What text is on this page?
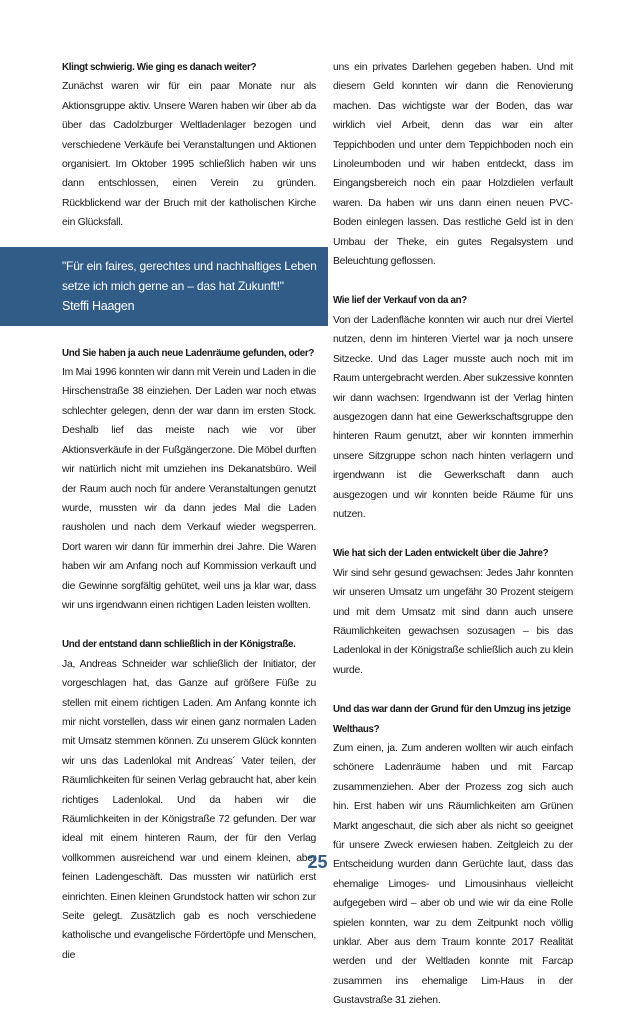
Klingt schwierig. Wie ging es danach weiter?

Zunächst waren wir für ein paar Monate nur als Aktionsgruppe aktiv. Unsere Waren haben wir über ab da über das Cadolzburger Weltladenlager bezogen und verschiedene Verkäufe bei Veranstaltungen und Aktionen organisiert. Im Oktober 1995 schließlich haben wir uns dann entschlossen, einen Verein zu gründen. Rückblickend war der Bruch mit der katholischen Kirche ein Glücksfall.

"Für ein faires, gerechtes und nachhaltiges Leben setze ich mich gerne an – das hat Zukunft!"

Steffi Haagen

Und Sie haben ja auch neue Ladenräume gefunden, oder?

Im Mai 1996 konnten wir dann mit Verein und Laden in die Hirschenstraße 38 einziehen. Der Laden war noch etwas schlechter gelegen, denn der war dann im ersten Stock. Deshalb lief das meiste nach wie vor über Aktionsverkäufe in der Fußgängerzone. Die Möbel durften wir natürlich nicht mit umziehen ins Dekanatsbüro. Weil der Raum auch noch für andere Veranstaltungen genutzt wurde, mussten wir da dann jedes Mal die Laden rausholen und nach dem Verkauf wieder wegsperren. Dort waren wir dann für immerhin drei Jahre. Die Waren haben wir am Anfang noch auf Kommission verkauft und die Gewinne sorgfältig gehütet, weil uns ja klar war, dass wir uns irgendwann einen richtigen Laden leisten wollten.

Und der entstand dann schließlich in der Königstraße.

Ja, Andreas Schneider war schließlich der Initiator, der vorgeschlagen hat, das Ganze auf größere Füße zu stellen mit einem richtigen Laden. Am Anfang konnte ich mir nicht vorstellen, dass wir einen ganz normalen Laden mit Umsatz stemmen können. Zu unserem Glück konnten wir uns das Ladenlokal mit Andreas´ Vater teilen, der Räumlichkeiten für seinen Verlag gebraucht hat, aber kein richtiges Ladenlokal. Und da haben wir die Räumlichkeiten in der Königstraße 72 gefunden. Der war ideal mit einem hinteren Raum, der für den Verlag vollkommen ausreichend war und einem kleinen, aber feinen Ladengeschäft. Das mussten wir natürlich erst einrichten. Einen kleinen Grundstock hatten wir schon zur Seite gelegt. Zusätzlich gab es noch verschiedene katholische und evangelische Fördertöpfe und Menschen, die

uns ein privates Darlehen gegeben haben. Und mit diesem Geld konnten wir dann die Renovierung machen. Das wichtigste war der Boden, das war wirklich viel Arbeit, denn das war ein alter Teppichboden und unter dem Teppichboden noch ein Linoleumboden und wir haben entdeckt, dass im Eingangsbereich noch ein paar Holzdielen verfault waren. Da haben wir uns dann einen neuen PVC-Boden einlegen lassen. Das restliche Geld ist in den Umbau der Theke, ein gutes Regalsystem und Beleuchtung geflossen.

Wie lief der Verkauf von da an?

Von der Ladenfläche konnten wir auch nur drei Viertel nutzen, denn im hinteren Viertel war ja noch unsere Sitzecke. Und das Lager musste auch noch mit im Raum untergebracht werden. Aber sukzessive konnten wir dann wachsen: Irgendwann ist der Verlag hinten ausgezogen dann hat eine Gewerkschaftsgruppe den hinteren Raum genutzt, aber wir konnten immerhin unsere Sitzgruppe schon nach hinten verlagern und irgendwann ist die Gewerkschaft dann auch ausgezogen und wir konnten beide Räume für uns nutzen.

Wie hat sich der Laden entwickelt über die Jahre?

Wir sind sehr gesund gewachsen: Jedes Jahr konnten wir unseren Umsatz um ungefähr 30 Prozent steigern und mit dem Umsatz mit sind dann auch unsere Räumlichkeiten gewachsen sozusagen – bis das Ladenlokal in der Königstraße schließlich auch zu klein wurde.

Und das war dann der Grund für den Umzug ins jetzige Welthaus?

Zum einen, ja. Zum anderen wollten wir auch einfach schönere Ladenräume haben und mit Farcap zusammenziehen. Aber der Prozess zog sich auch hin. Erst haben wir uns Räumlichkeiten am Grünen Markt angeschaut, die sich aber als nicht so geeignet für unsere Zweck erwiesen haben. Zeitgleich zu der Entscheidung wurden dann Gerüchte laut, dass das ehemalige Limoges- und Limousinhaus vielleicht aufgegeben wird – aber ob und wie wir da eine Rolle spielen konnten, war zu dem Zeitpunkt noch völlig unklar. Aber aus dem Traum konnte 2017 Realität werden und der Weltladen konnte mit Farcap zusammen ins ehemalige Lim-Haus in der Gustavstraße 31 ziehen.

25
